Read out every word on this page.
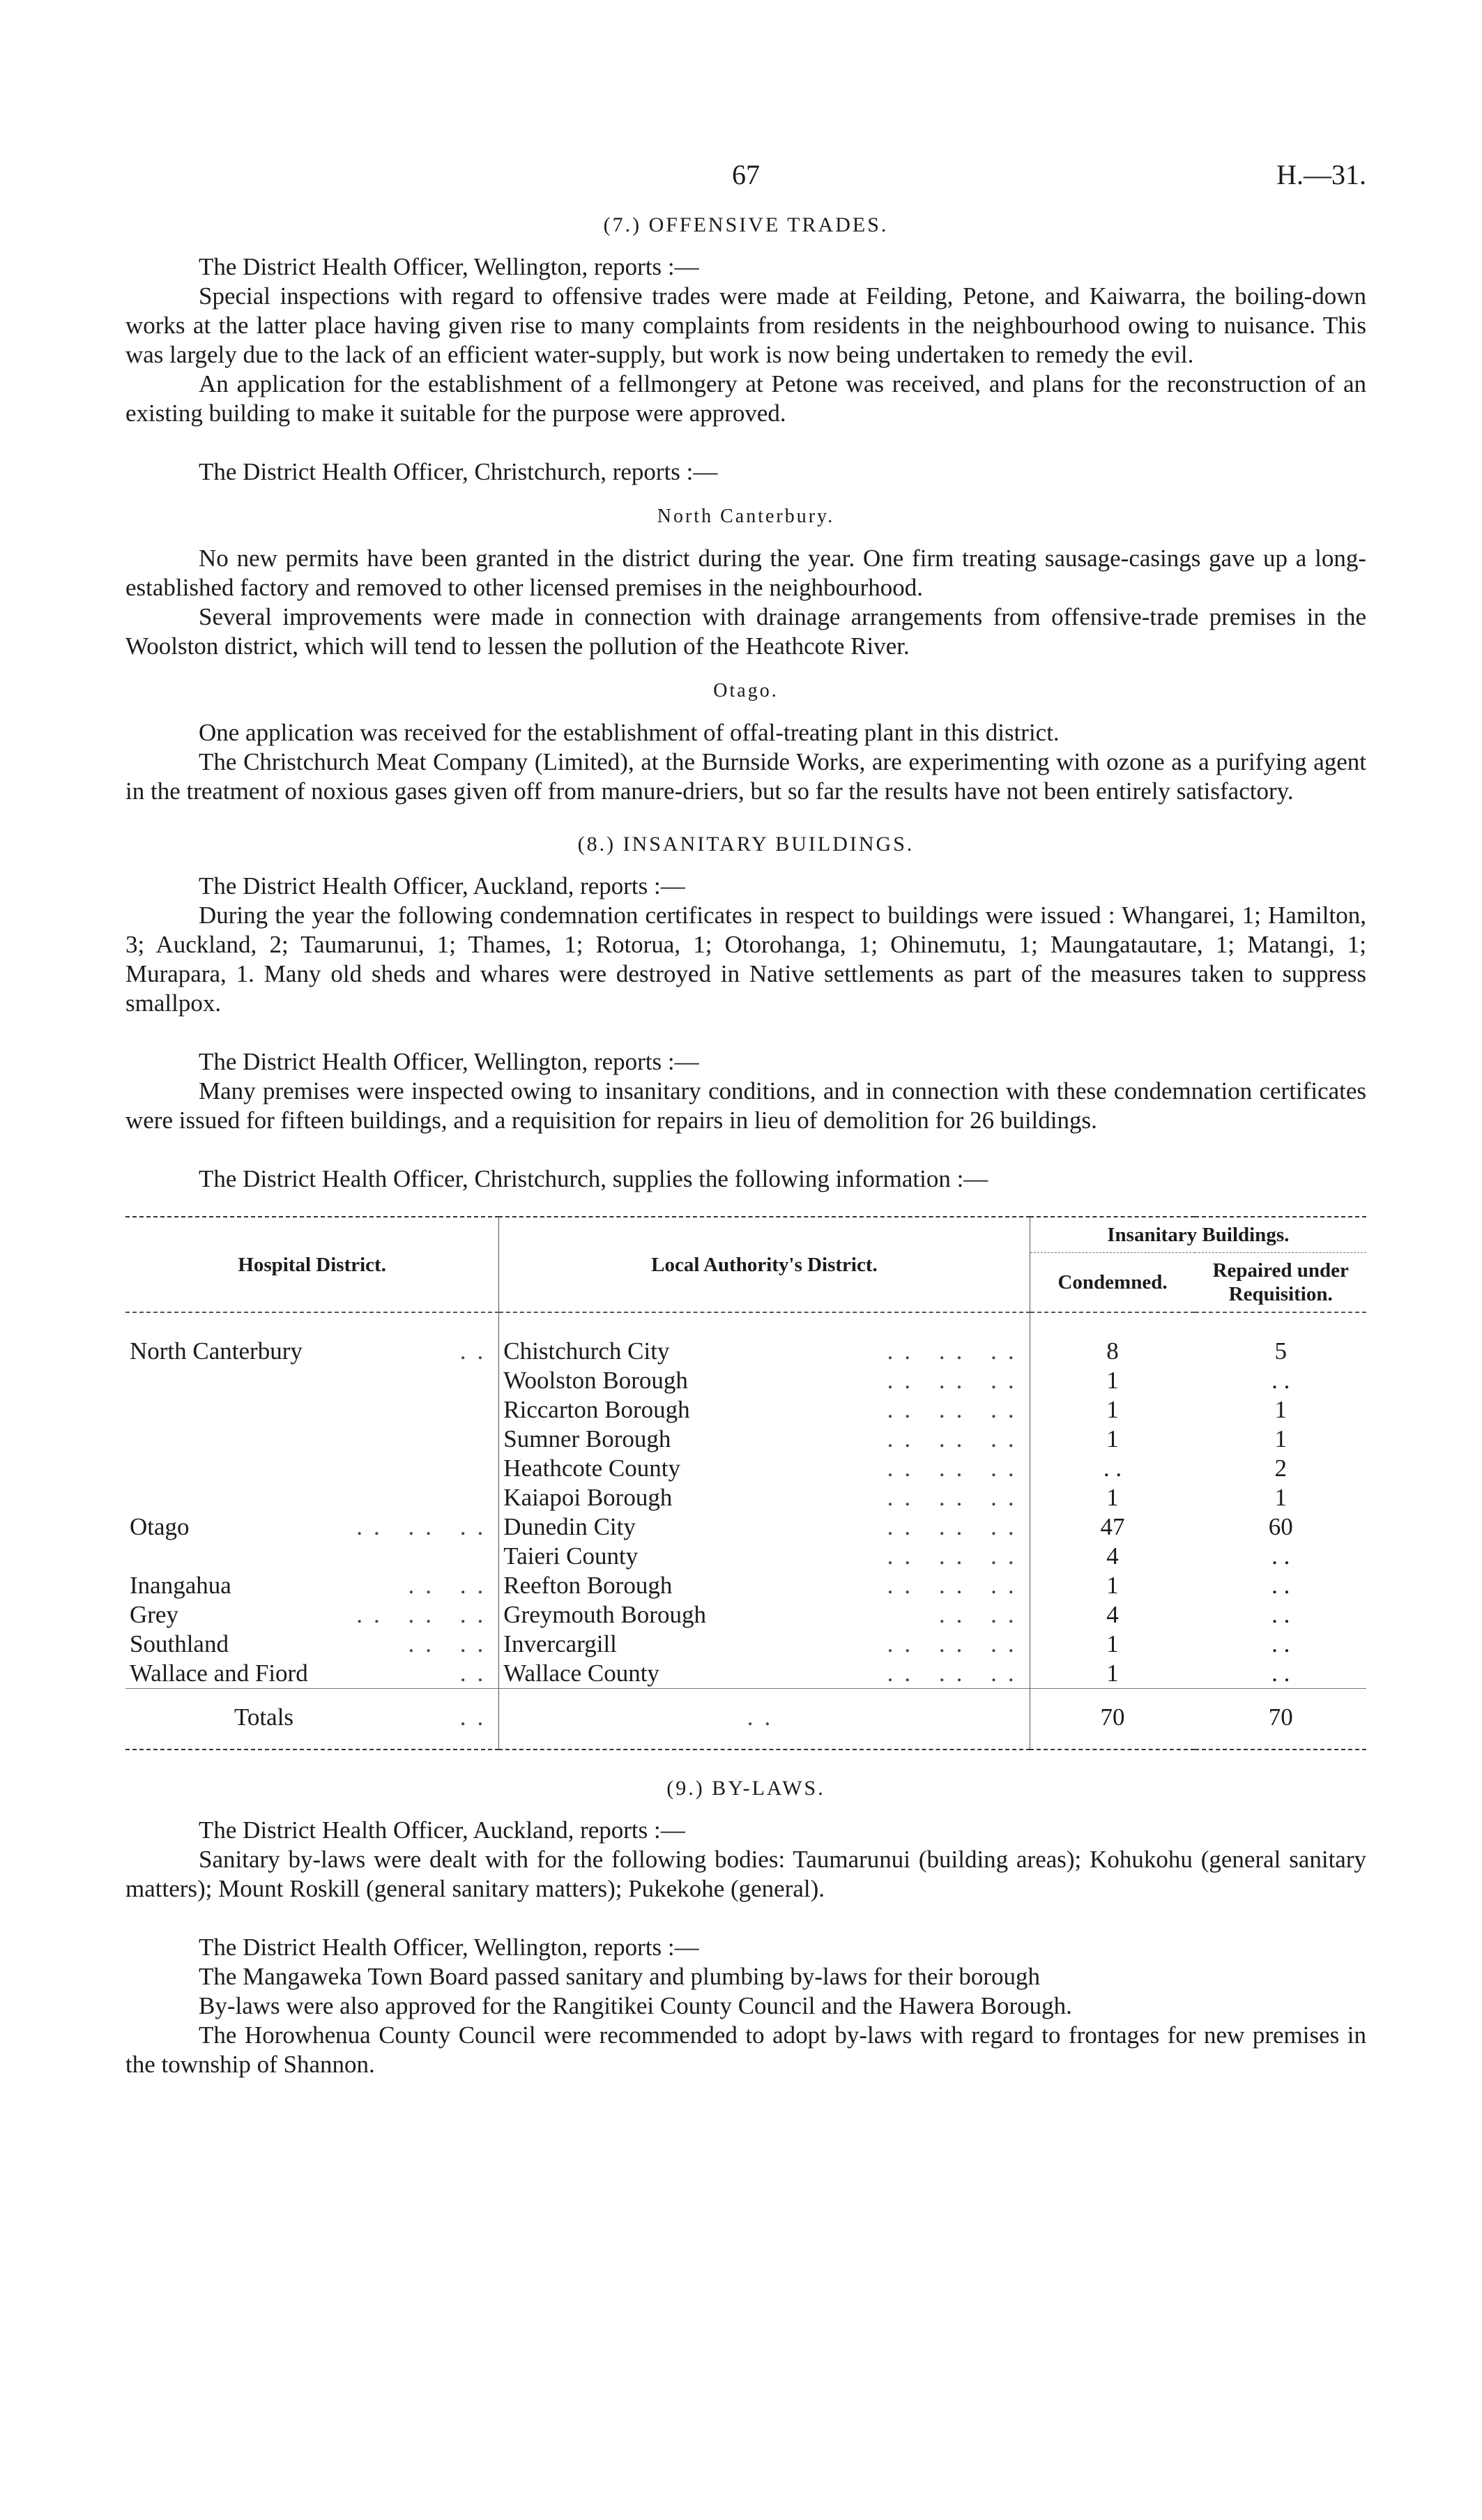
67	H.—31.
(7.) OFFENSIVE TRADES.

The District Health Officer, Wellington, reports :—

Special inspections with regard to offensive trades were made at Feilding, Petone, and Kaiwarra, the boiling-down works at the latter place having given rise to many complaints from residents in the neighbourhood owing to nuisance. This was largely due to the lack of an efficient water-supply, but work is now being undertaken to remedy the evil.

An application for the establishment of a fellmongery at Petone was received, and plans for the reconstruction of an existing building to make it suitable for the purpose were approved.

The District Health Officer, Christchurch, reports :—

North Canterbury.

No new permits have been granted in the district during the year. One firm treating sausage-casings gave up a long-established factory and removed to other licensed premises in the neighbourhood.

Several improvements were made in connection with drainage arrangements from offensive-trade premises in the Woolston district, which will tend to lessen the pollution of the Heathcote River.

Otago.

One application was received for the establishment of offal-treating plant in this district.

The Christchurch Meat Company (Limited), at the Burnside Works, are experimenting with ozone as a purifying agent in the treatment of noxious gases given off from manure-driers, but so far the results have not been entirely satisfactory.

(8.) INSANITARY BUILDINGS.

The District Health Officer, Auckland, reports :—

During the year the following condemnation certificates in respect to buildings were issued : Whangarei, 1; Hamilton, 3; Auckland, 2; Taumarunui, 1; Thames, 1; Rotorua, 1; Otorohanga, 1; Ohinemutu, 1; Maungatautare, 1; Matangi, 1; Murapara, 1. Many old sheds and whares were destroyed in Native settlements as part of the measures taken to suppress smallpox.

The District Health Officer, Wellington, reports :—

Many premises were inspected owing to insanitary conditions, and in connection with these condemnation certificates were issued for fifteen buildings, and a requisition for repairs in lieu of demolition for 26 buildings.

The District Health Officer, Christchurch, supplies the following information :—

Hospital District.	Local Authority's District.	Insanitary Buildings.	
		Condemned.	Repaired under Requisition.

North Canterbury ..	Chistchurch City .. .. ..	8	5

	Woolston Borough .. .. ..	1	. .

	Riccarton Borough .. .. ..	1	1

	Sumner Borough .. .. ..	1	1

	Heathcote County .. .. ..	. .	2

	Kaiapoi Borough .. .. ..	1	1

Otago .. .. ..	Dunedin City .. .. ..	47	60

	Taieri County .. .. ..	4	. .

Inangahua .. ..	Reefton Borough .. .. ..	1	. .

Grey .. .. ..	Greymouth Borough .. ..	4	. .

Southland .. ..	Invercargill .. .. ..	1	. .

Wallace and Fiord ..	Wallace County .. .. ..	1	. .

Totals ..	..	70	70
(9.) BY-LAWS.

The District Health Officer, Auckland, reports :—

Sanitary by-laws were dealt with for the following bodies: Taumarunui (building areas); Kohukohu (general sanitary matters); Mount Roskill (general sanitary matters); Pukekohe (general).

The District Health Officer, Wellington, reports :—

The Mangaweka Town Board passed sanitary and plumbing by-laws for their borough

By-laws were also approved for the Rangitikei County Council and the Hawera Borough.

The Horowhenua County Council were recommended to adopt by-laws with regard to frontages for new premises in the township of Shannon.
